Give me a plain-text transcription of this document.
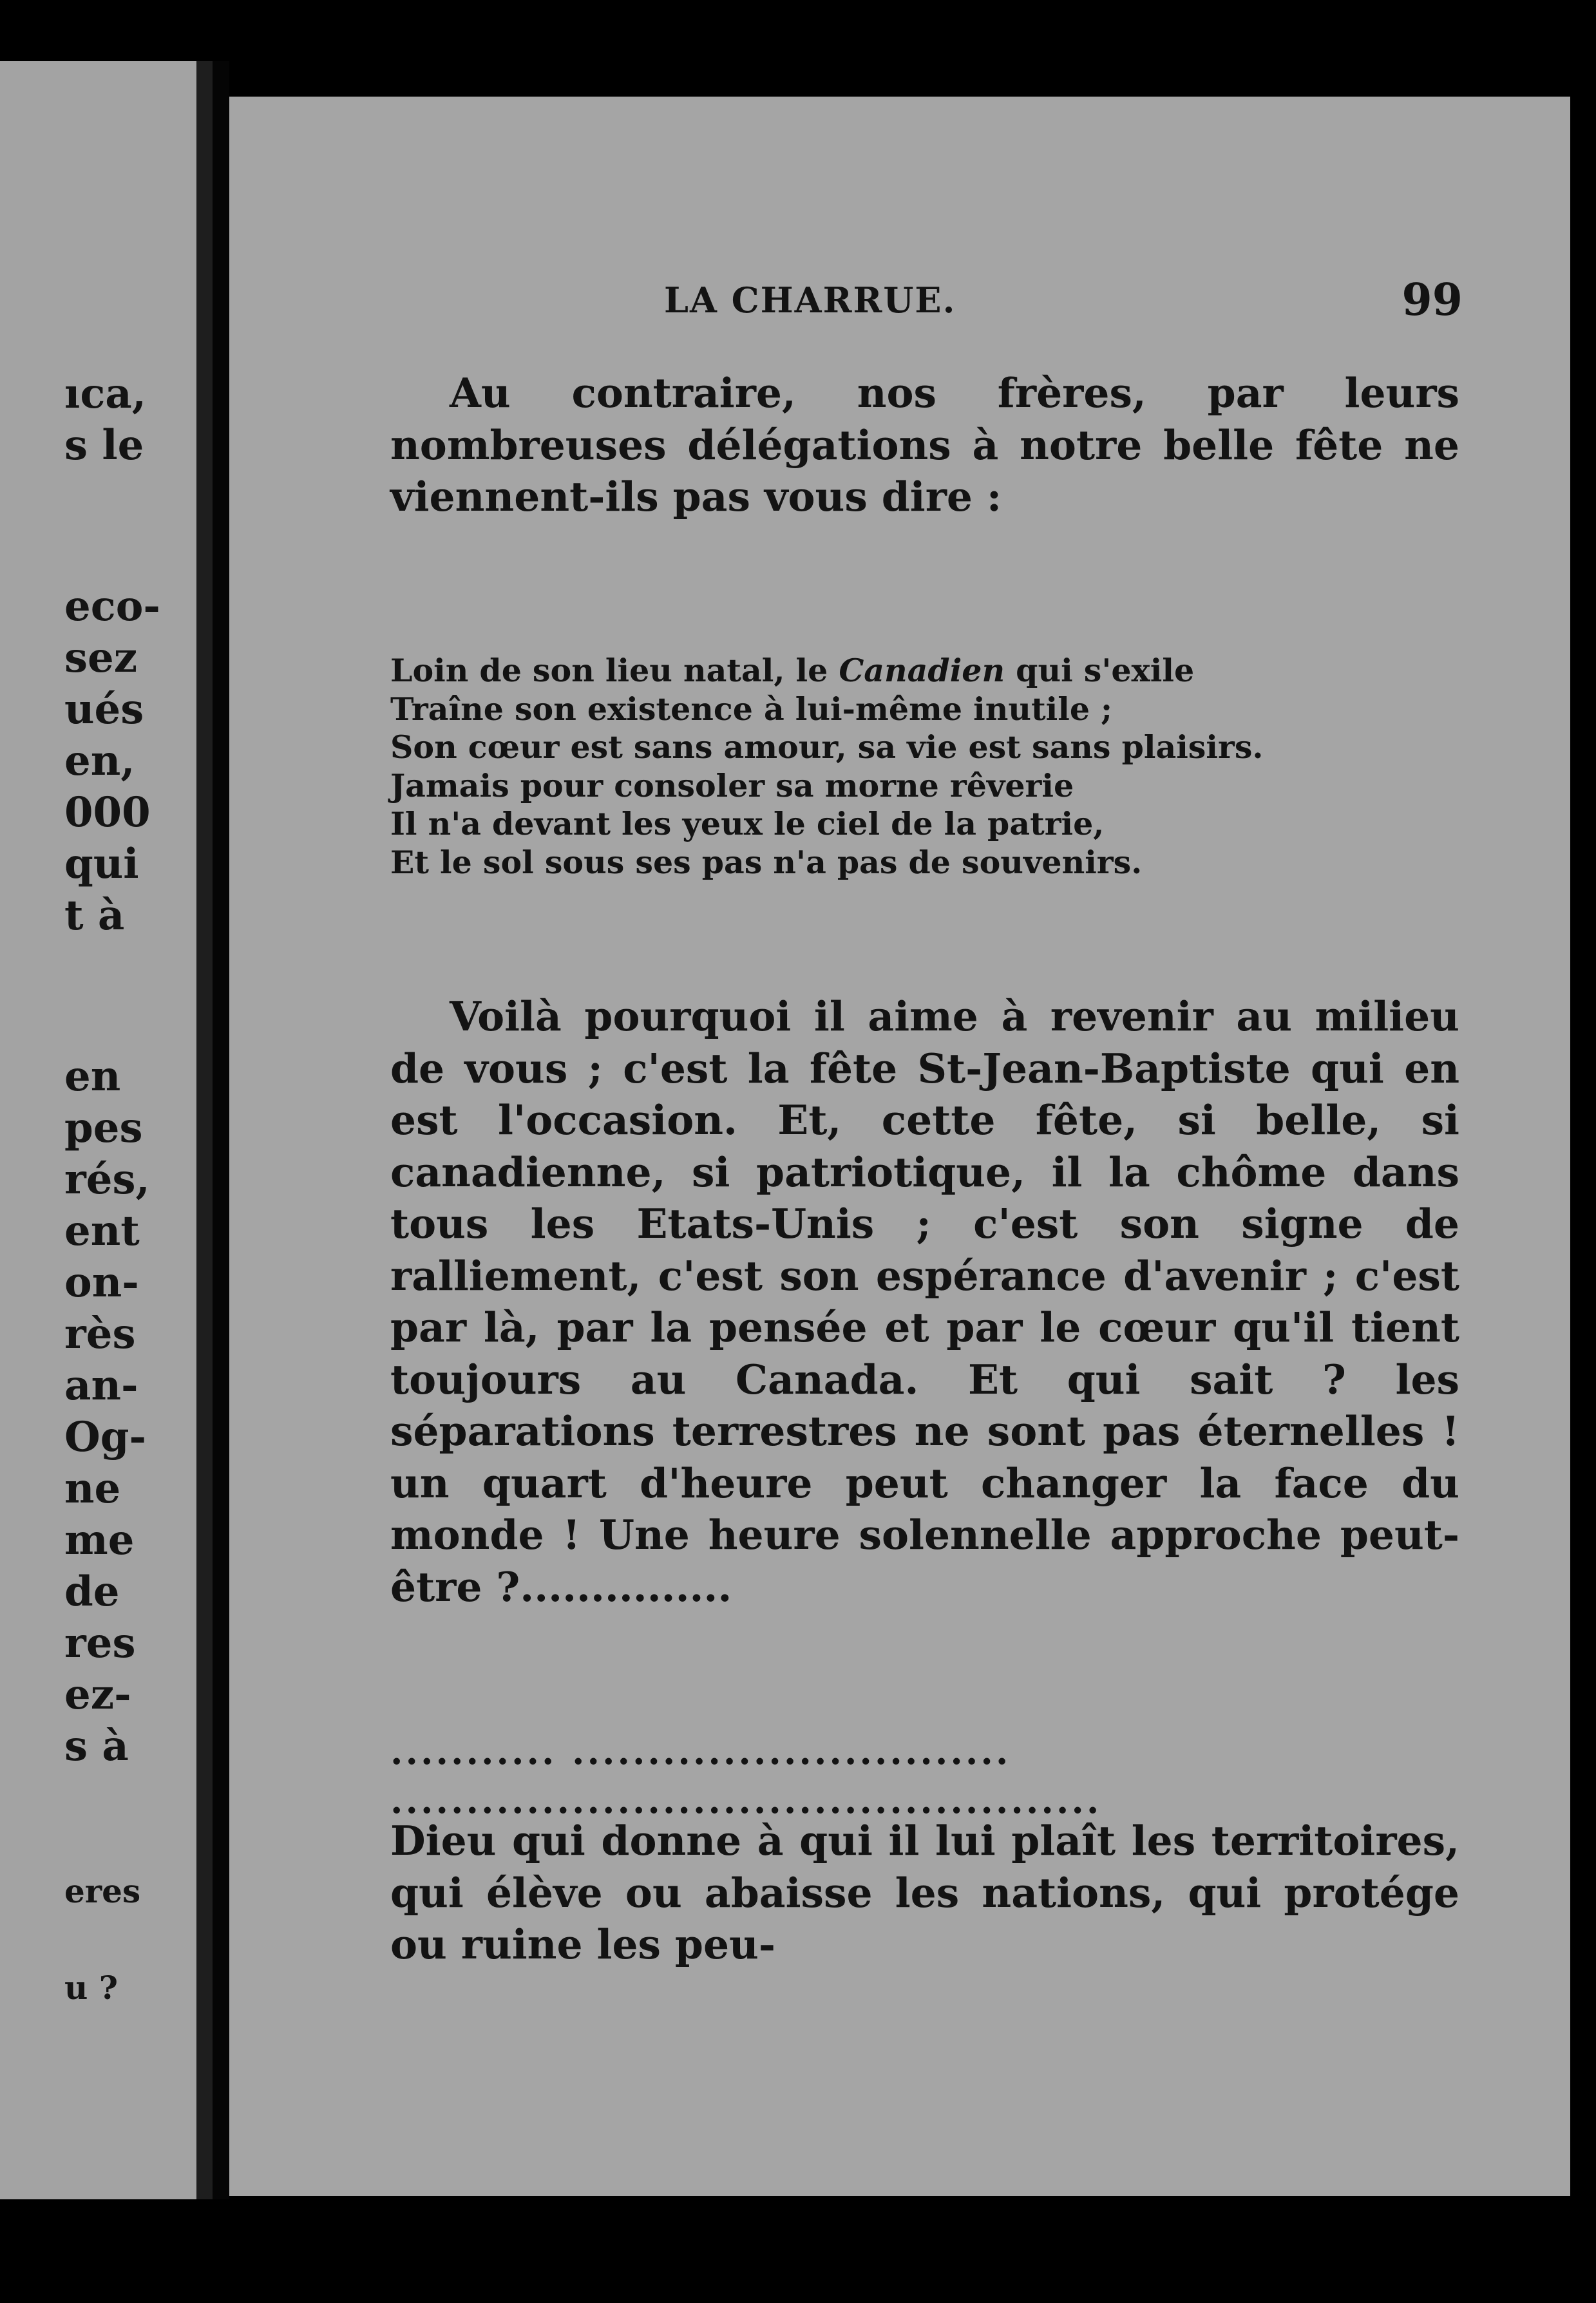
ıca,
s le
eco-
sez
ués
en,
000
qui
t à
en
pes
rés,
ent
on-
rès
an-
Og-
ne
me
de
res
ez-
s à
eres
u ?
LA CHARRUE.	99

Au contraire, nos frères, par leurs nombreuses délégations à notre belle fête ne viennent-ils pas vous dire :

Loin de son lieu natal, le Canadien qui s'exile
Traîne son existence à lui-même inutile ;
Son cœur est sans amour, sa vie est sans plaisirs.
Jamais pour consoler sa morne rêverie
Il n'a devant les yeux le ciel de la patrie,
Et le sol sous ses pas n'a pas de souvenirs.

Voilà pourquoi il aime à revenir au milieu de vous ; c'est la fête St-Jean-Baptiste qui en est l'occasion. Et, cette fête, si belle, si canadienne, si patriotique, il la chôme dans tous les Etats-Unis ; c'est son signe de ralliement, c'est son espérance d'avenir ; c'est par là, par la pensée et par le cœur qu'il tient toujours au Canada. Et qui sait ? les séparations terrestres ne sont pas éternelles ! un quart d'heure peut changer la face du monde ! Une heure solennelle approche peut-être ?...............

........... .............................
...............................................

Dieu qui donne à qui il lui plaît les territoires, qui élève ou abaisse les nations, qui protége ou ruine les peu-
